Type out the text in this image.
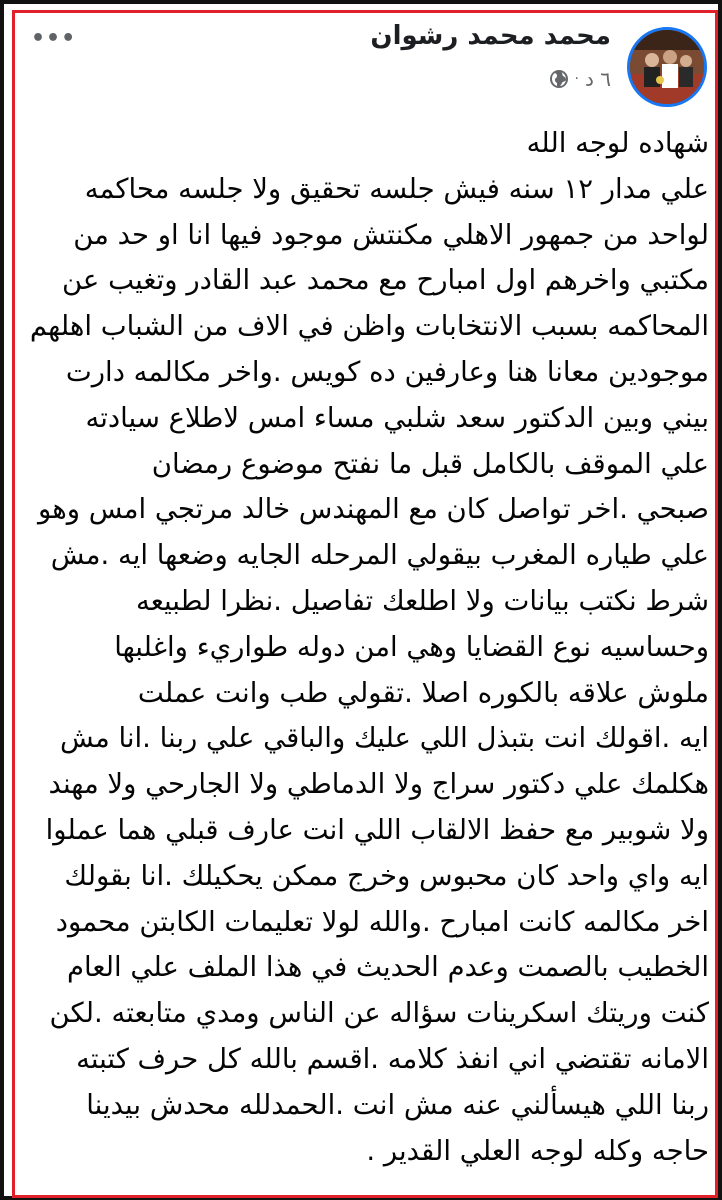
•••	محمد محمد رشوان
٦ د
·
شهاده لوجه الله
علي مدار ١٢ سنه فيش جلسه تحقيق ولا جلسه محاكمه
لواحد من جمهور الاهلي مكنتش موجود فيها انا او حد من
مكتبي واخرهم اول امبارح مع محمد عبد القادر وتغيب عن
المحاكمه بسبب الانتخابات واظن في الاف من الشباب اهلهم
موجودين معانا هنا وعارفين ده كويس .واخر مكالمه دارت
بيني وبين الدكتور سعد شلبي مساء امس لاطلاع سيادته
علي الموقف بالكامل قبل ما نفتح موضوع رمضان
صبحي .اخر تواصل كان مع المهندس خالد مرتجي امس وهو
علي طياره المغرب بيقولي المرحله الجايه وضعها ايه .مش
شرط نكتب بيانات ولا اطلعك تفاصيل .نظرا لطبيعه
وحساسيه نوع القضايا وهي امن دوله طواريء واغلبها
ملوش علاقه بالكوره اصلا .تقولي طب وانت عملت
ايه .اقولك انت بتبذل اللي عليك والباقي علي ربنا .انا مش
هكلمك علي دكتور سراج ولا الدماطي ولا الجارحي ولا مهند
ولا شوبير مع حفظ الالقاب اللي انت عارف قبلي هما عملوا
ايه واي واحد كان محبوس وخرج ممكن يحكيلك .انا بقولك
اخر مكالمه كانت امبارح .والله لولا تعليمات الكابتن محمود
الخطيب بالصمت وعدم الحديث في هذا الملف علي العام
كنت وريتك اسكرينات سؤاله عن الناس ومدي متابعته .لكن
الامانه تقتضي اني انفذ كلامه .اقسم بالله كل حرف كتبته
ربنا اللي هيسألني عنه مش انت .الحمدلله محدش بيدينا
حاجه وكله لوجه العلي القدير .
